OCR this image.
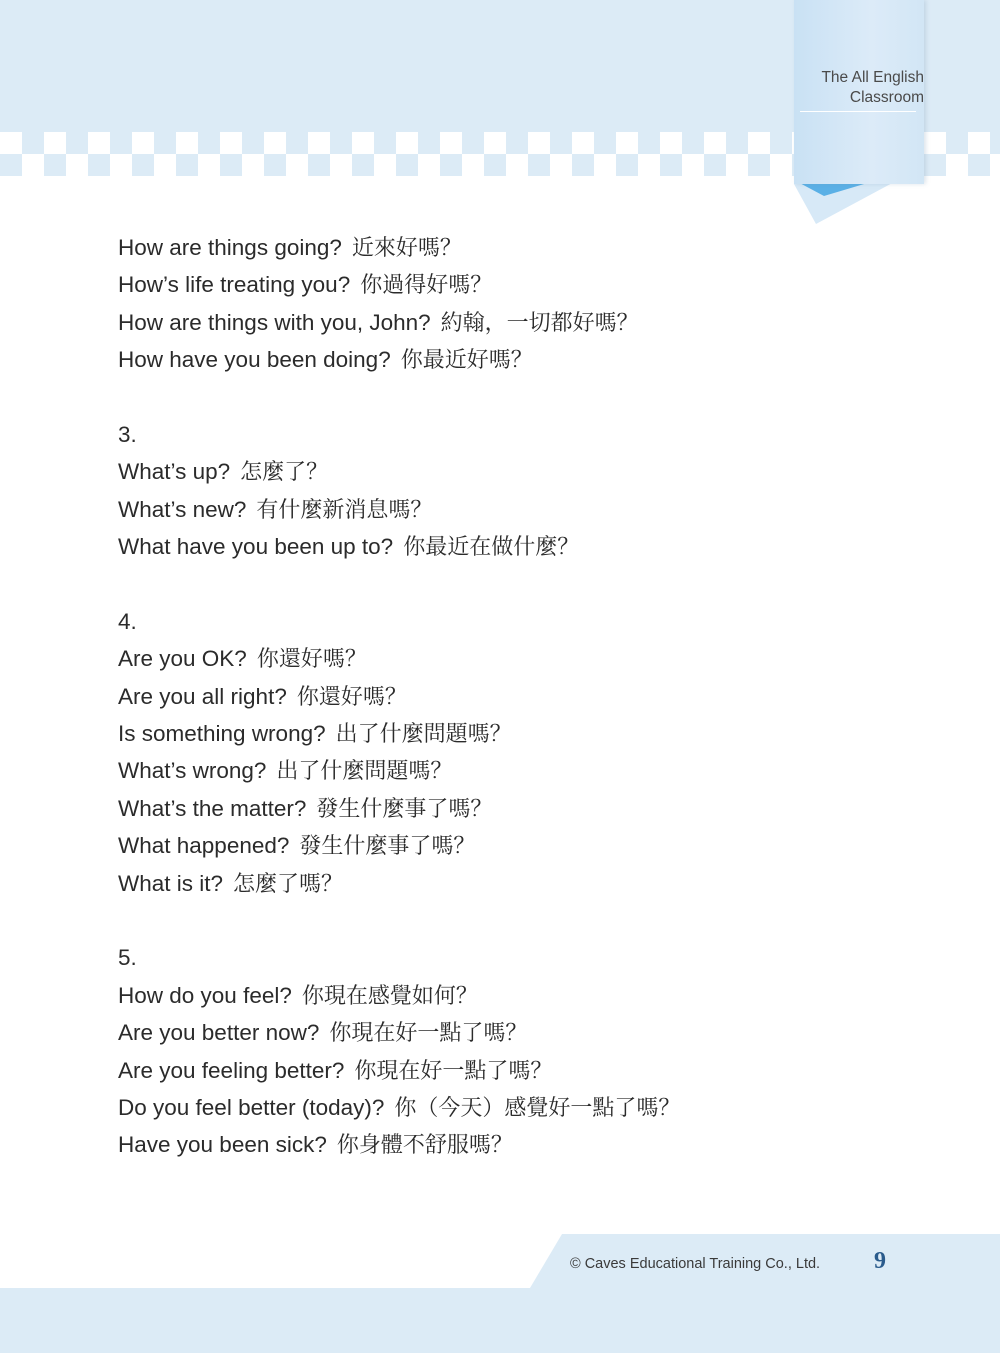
The All English
Classroom
How are things going? 近來好嗎？
How’s life treating you? 你過得好嗎？
How are things with you, John? 約翰，一切都好嗎？
How have you been doing? 你最近好嗎？
3.
What’s up? 怎麼了？
What’s new? 有什麼新消息嗎？
What have you been up to? 你最近在做什麼？
4.
Are you OK? 你還好嗎？
Are you all right? 你還好嗎？
Is something wrong? 出了什麼問題嗎？
What’s wrong? 出了什麼問題嗎？
What’s the matter? 發生什麼事了嗎？
What happened? 發生什麼事了嗎？
What is it? 怎麼了嗎？
5.
How do you feel? 你現在感覺如何？
Are you better now? 你現在好一點了嗎？
Are you feeling better? 你現在好一點了嗎？
Do you feel better (today)? 你（今天）感覺好一點了嗎？
Have you been sick? 你身體不舒服嗎？
© Caves Educational Training Co., Ltd. 9
